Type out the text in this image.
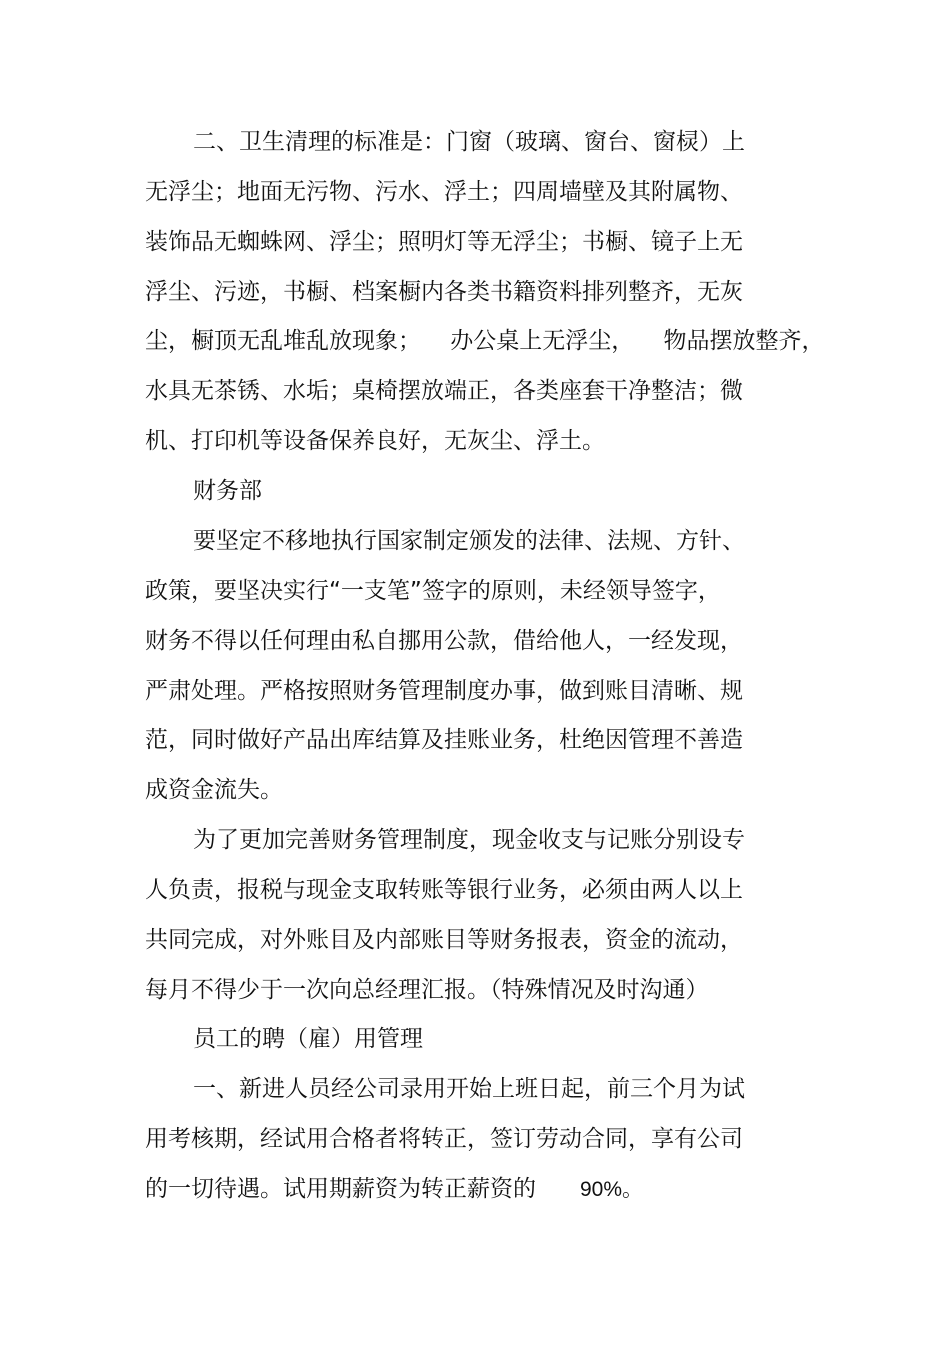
二、卫生清理的标准是：门窗（玻璃、窗台、窗棂）上
无浮尘；地面无污物、污水、浮土；四周墙壁及其附属物、
装饰品无蜘蛛网、浮尘；照明灯等无浮尘；书橱、镜子上无
浮尘、污迹，书橱、档案橱内各类书籍资料排列整齐，无灰
尘，橱顶无乱堆乱放现象；    办公桌上无浮尘，    物品摆放整齐，
水具无茶锈、水垢；桌椅摆放端正，各类座套干净整洁；微
机、打印机等设备保养良好，无灰尘、浮土。
财务部
要坚定不移地执行国家制定颁发的法律、法规、方针、
政策，要坚决实行“一支笔”签字的原则，未经领导签字，
财务不得以任何理由私自挪用公款，借给他人，一经发现，
严肃处理。严格按照财务管理制度办事，做到账目清晰、规
范，同时做好产品出库结算及挂账业务，杜绝因管理不善造
成资金流失。
为了更加完善财务管理制度，现金收支与记账分别设专
人负责，报税与现金支取转账等银行业务，必须由两人以上
共同完成，对外账目及内部账目等财务报表，资金的流动，
每月不得少于一次向总经理汇报。（特殊情况及时沟通）
员工的聘（雇）用管理
一、新进人员经公司录用开始上班日起，前三个月为试
用考核期，经试用合格者将转正，签订劳动合同，享有公司
的一切待遇。试用期薪资为转正薪资的 90%。
